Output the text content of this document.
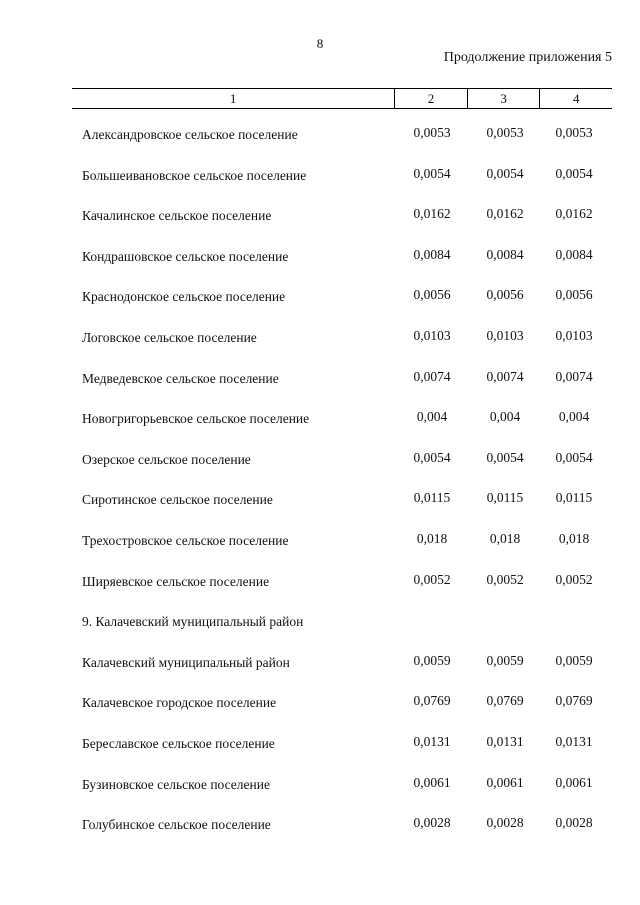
8
Продолжение приложения 5
1	2	3	4
Александровское сельское поселение	0,0053	0,0053	0,0053
Большеивановское сельское поселение	0,0054	0,0054	0,0054
Качалинское сельское поселение	0,0162	0,0162	0,0162
Кондрашовское сельское поселение	0,0084	0,0084	0,0084
Краснодонское сельское поселение	0,0056	0,0056	0,0056
Логовское сельское поселение	0,0103	0,0103	0,0103
Медведевское сельское поселение	0,0074	0,0074	0,0074
Новогригорьевское сельское поселение	0,004	0,004	0,004
Озерское сельское поселение	0,0054	0,0054	0,0054
Сиротинское сельское поселение	0,0115	0,0115	0,0115
Трехостровское сельское поселение	0,018	0,018	0,018
Ширяевское сельское поселение	0,0052	0,0052	0,0052
9. Калачевский муниципальный район
Калачевский муниципальный район	0,0059	0,0059	0,0059
Калачевское городское поселение	0,0769	0,0769	0,0769
Береславское сельское поселение	0,0131	0,0131	0,0131
Бузиновское сельское поселение	0,0061	0,0061	0,0061
Голубинское сельское поселение	0,0028	0,0028	0,0028
